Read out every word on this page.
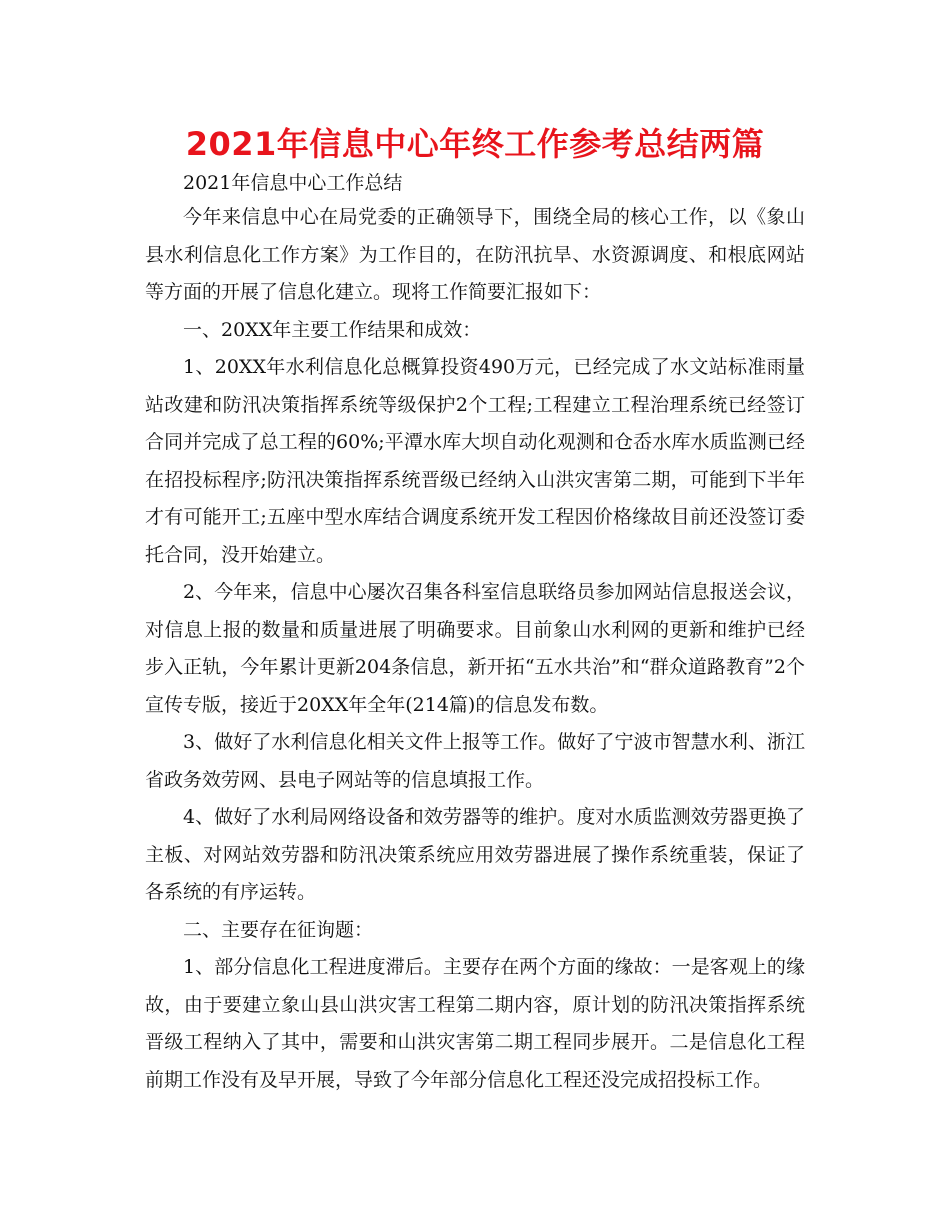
2021年信息中心年终工作参考总结两篇
2021年信息中心工作总结

今年来信息中心在局党委的正确领导下，围绕全局的核心工作，以《象山县水利信息化工作方案》为工作目的，在防汛抗旱、水资源调度、和根底网站等方面的开展了信息化建立。现将工作简要汇报如下：

一、20XX年主要工作结果和成效：

1、20XX年水利信息化总概算投资490万元，已经完成了水文站标准雨量站改建和防汛决策指挥系统等级保护2个工程;工程建立工程治理系统已经签订合同并完成了总工程的60%;平潭水库大坝自动化观测和仓岙水库水质监测已经在招投标程序;防汛决策指挥系统晋级已经纳入山洪灾害第二期，可能到下半年才有可能开工;五座中型水库结合调度系统开发工程因价格缘故目前还没签订委托合同，没开始建立。

2、今年来，信息中心屡次召集各科室信息联络员参加网站信息报送会议，对信息上报的数量和质量进展了明确要求。目前象山水利网的更新和维护已经步入正轨，今年累计更新204条信息，新开拓“五水共治”和“群众道路教育”2个宣传专版，接近于20XX年全年(214篇)的信息发布数。

3、做好了水利信息化相关文件上报等工作。做好了宁波市智慧水利、浙江省政务效劳网、县电子网站等的信息填报工作。

4、做好了水利局网络设备和效劳器等的维护。度对水质监测效劳器更换了主板、对网站效劳器和防汛决策系统应用效劳器进展了操作系统重装，保证了各系统的有序运转。

二、主要存在征询题：

1、部分信息化工程进度滞后。主要存在两个方面的缘故：一是客观上的缘故，由于要建立象山县山洪灾害工程第二期内容，原计划的防汛决策指挥系统晋级工程纳入了其中，需要和山洪灾害第二期工程同步展开。二是信息化工程前期工作没有及早开展，导致了今年部分信息化工程还没完成招投标工作。
